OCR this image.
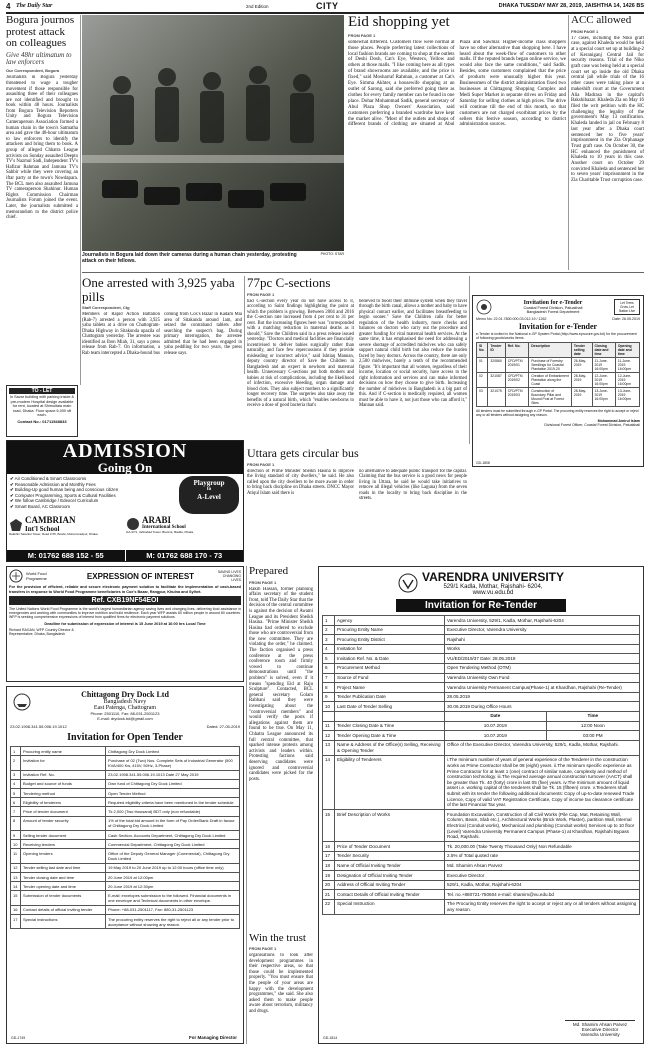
4 The Daily Star	2nd Edition	CITY	DHAKA TUESDAY MAY 28, 2019, JAISHTHA 14, 1426 BS
Bogura journos protest attack on colleagues
Give 48hr ultimatum to law enforcers
Our Correspondent, Bogura
Journalists in Bogura yesterday threatened to wage a tougher movement if those responsible for assaulting three of their colleagues are not identified and brought to book within 48 hours. Journalists from Bogura Television Reporters Unity and Bogura Television Cameraperson Association formed a human chain in the town's Satmatha area and gave the 48-hour ultimatum to law enforcers to identify the attackers and bring them to book. A group of alleged Chhatra League activists on Sunday assaulted Deepto TV's Nazmul Sadi, Independent TV's Hafizur Rahman and Jamuna TV's Sabbir while they were covering an iftar party at the town's Nowdapara. The BCL men also assaulted Jamuna TV cameraperson Shahinur. Human Rights Commission Chairman Journalists Forum joined the event. Later, the journalists submitted a memorandum to the district police chief.
TO - LET
In Savar building with parking inside & pre-modern Hospital design available for rent, located at Shimultala main road, Dhaka. Floor space 6,000 sft each.
Contact No.: 01711548833
Journalists in Bogura laid down their cameras during a human chain yesterday, protesting attack on their fellows.
PHOTO: STAR
Eid shopping yet
FROM PAGE 1
somewhat different. Customers flow were normal at those places. People preferring latest collections of local fashion brands are coming to shop at the outlets of Deshi Dosh, Cat's Eye, Westecs, Yellow and others at those malls. "I like coming here as all types of brand showrooms are available, and the price is fixed," said Mosharraf Rahman, a customer at Cat's Eye. Simma Akhter, a housewife shopping at an outlet of Sarong, said she preferred going there as clothes for every family member can be found in one place. Dohar Mohammad Sadik, general secretary of Abul Plaza Shop Owners' Association, said customers preferring a branded wardrobe have kept the market alive. "Most of the outlets and shops of different brands of clothing are situated at Abul Plaza and Sawmar. Higher-income class shoppers have no other alternative than shopping here. I have heard about the week-flow of customers to other malls. If the reputed brands began online service, we would also face the same conditions," said Sadik. Besides, some customers complained that the price of products were unusually higher this year. Businessmen of the district administration fixed two businesses at Chittagong Shopping Complex and Medi Super Market in separate drives on Friday and Saturday for selling clothes at high prices. The drive will continue till the end of this month, so that customers are not charged exorbitant prices by the sellers this festive season, according to district administration sources.
ACC allowed
FROM PAGE 1
17 cases, including the Niko graft case, against Khaleda would be held at a special court set up at building-2 of Keraniganj Central Jail for security reasons. Trial of the Niko graft case was being held at a special court set up inside the old Dhaka central jail while trials of the 16 other cases were taking place at a makeshift court at the Government Alia Madrasa in the capital's Bakshibazar. Khaleda Zia on May 16 filed the writ petition with the HC challenging the legality of the government's May 13 notification. Khaleda landed in jail on February 8 last year after a Dhaka court sentenced her to five years' imprisonment in the Zia Orphanage Trust graft case. On October 30, the HC enhanced the punishment of Khaleda to 10 years in this case. Another court on October 29 convicted Khaleda and sentenced her to seven years' imprisonment in the Zia Charitable Trust corruption case.
One arrested with 3,925 yaba pills
Staff Correspondent, Ctg
Members of Rapid Action Battalion (Rab-7) arrested a person with 3,925 yaba tablets at a drive on Chattogram-Dhaka Highway in Sitakunda upazila of Chattogram yesterday. The arrestee was identified as Ibon Miah, 31, says a press release from Rab-7. On information, a Rab team intercepted a Dhaka-bound bus coming from Cox's Bazar in Kadam Mia area of Sitakunda around 1am, and seized the contraband tablets after searching the suspect's bag. During primary interrogation, the arrestee admitted that he had been engaged in yaba peddling for two years, the press release says.
77pc C-sections
FROM PAGE 1
had C-section every year do not have access to it, according to Saint findings highlighting the point at which the problem is growing. Between 2004 and 2016 the C-section rate increased from 4 per cent to 31 per cent. But the increasing figures here was "corresponded with a matching reduction in maternal deaths as it should," Save the Children said in a press release issued yesterday. "Doctors and medical facilities are financially incentivised to deliver babies surgically rather than naturally, and face few repercussions if they provide misleading or incorrect advice," said Ishtiaq Mannan, deputy country director of Save the Children in Bangladesh and an expert in newborn and maternal health. Unnecessary C-sections put both mothers and babies at risk of complications, including the likelihood of infection, excessive bleeding, organ damage and blood clots. They also subject mothers to a significantly longer recovery time. The surgeries also take away the benefits of a natural birth, which "enables newborns to receive a dose of good bacteria that's
believed to boost their immune system when they travel through the birth canal, allows a mother and baby to have physical contact earlier, and facilitates breastfeeding to begin sooner." Save the Children calls for better regulation of the health industry, more checks and balances on doctors who carry out the procedure and greater funding for vital maternal health services. At the same time, it has emphasised the need for addressing a severe shortage of accredited midwives who can safely support natural child birth but also reduce the burden faced by busy doctors. Across the country, there are only 2,500 midwives, barely a tenth of the recommended figure. "It's important that all women, regardless of their income, location or social security, have access to the right information and services and can make informed decisions on how they choose to give birth. Increasing the number of midwives in Bangladesh is a big part of this. And if C-section is medically required, all women must be able to have it, not just those who can afford it," Mannan said.
Invitation for e-Tender
Coastal Forest Division, Patuakhali
Bangladesh Forest Department
Let Trees Grow, Let Nation Live
Memo No: 22.01.7800.000.03.012.19 / 1262	Date: 26.05.2019
Invitation for e-Tender
e-Tender is invited in the National e-GP System Portal (http://www.eprocure.gov.bd) for the procurement of following goods/works items.
Sl No.	Tender ID	Ref. No.	Description	Tender selling date	Closing date and time	Opening date and time
01	320860	CFD/PTK/ 2019/01	Purchase of Forestry Seedlings for Coastal Plantation 2019-20	26-May-2019	11-June-2019 16:00pm	11-June-2019 16:00pm
02	321087	CFD/PTK/ 2019/02	Creation of Embankment Plantation along the Coast	28-May-2019	12-June-2019 16:00pm	12-June-2019 16:00pm
03	321075	CFD/PTK/ 2019/03	Construction of Boundary Pillar and Mound Post at Forest Sites	28-May-2019	13-June-2019 16:00pm	13-June-2019 16:00pm
All tenders must be submitted through e-GP Portal. The procuring entity reserves the right to accept or reject any or all tenders without assigning any reason.
Mohammad Amirul Islam
Divisional Forest Officer, Coastal Forest Division, Patuakhali
GD-1808
ADMISSION
Going On
✔ Air Conditioned & Smart Classrooms
✔ Reasonable Admission and Monthly Fees
✔ Building-Up good human being and conscious citizen
✔ Computer Programming, Sports & Cultural Facilities
✔ We follow Cambridge / Edexcel Curriculum
✔ Smart Board, AC Classroom
Playgroup
to
A-Level
CAMBRIAN
Int'l School
Dakkhin Satarkul Tower, Road # 05, Bosila, Mohammadpur, Dhaka
ARABI
International School
GA-37/1, Jahirabad Tower, Block E, Badda, Dhaka
M: 01762 688 152 - 55	M: 01762 688 170 - 73
Uttara gets circular bus
FROM PAGE 1
direction of Prime Minister Sheikh Hasina to improve the living standard of city dwellers," he said. He also called upon the city dwellers to be more aware in order to bring back discipline on Dhaka streets. DNCC Mayor Atiqul Islam said there is
no alternative to adequate public transport for the capital. Claiming that the bus service is a good news for people living in Uttara, he said he would take initiatives to remove all illegal vehicles (like Laguna) from the seven roads in the locality to bring back discipline in the streets.
World Food Programme	EXPRESSION OF INTEREST	SAVING LIVES CHANGING LIVES
For the provision of efficient, reliable and secure electronic payment solution to facilitate the implementation of cash-based transfers in response to World Food Programme beneficiaries in Cox's Bazar, Rangpur, Khulna and Sylhet.
Ref. CXB19NF54EOI
The United Nations World Food Programme is the world's largest humanitarian agency saving lives and changing lives, delivering food assistance in emergencies and working with communities to improve nutrition and build resilience. Each year WFP assists 80 million people in around 80 countries. WFP is seeking comprehensive expressions of interest from qualified firms for electronic payment solutions.
Deadline for submission of expression of interest is 15 June 2019 at 16:00 hrs Local Time
Richard RAGAN, WFP Country Director & Representative, Dhaka, Bangladesh
Chittagong Dry Dock Ltd
Bangladesh Navy
East Patenga, Chattogram
Phone: 2501110, Fax: 88-031-2501123
E-mail: drydock.bd@gmail.com
23.02.1908.341.55.006.19.1012	Dated: 27-05-2019
Invitation for Open Tender
1	Procuring entity name	Chittagong Dry Dock Limited
2	Invitation for	Purchase of 02 (Two) Nos. Complete Sets of Industrial Generator (500 KVA/400 Kw, 415V, 50Hz, 3-Phase)
3	Invitation Ref. No.	23.02.1908.341.55.006.19.1013 Date 27 May 2019
4	Budget and source of funds	Own fund of Chittagong Dry Dock Limited
5	Tendering method	Open Tender Method
6	Eligibility of tenderers	Required eligibility criteria have been mentioned in the tender schedule
7	Price of tender document	Tk 2,000 (Two thousand) BDT only (non refundable)
8	Amount of tender security	1% of the total bid amount in the form of Pay Order/Bank Draft in favour of Chittagong Dry Dock Limited
9	Selling tender document	Cash Section, Accounts Department, Chittagong Dry Dock Limited
10	Receiving tenders	Commercial Department, Chittagong Dry Dock Limited
11	Opening tenders	Office of the Deputy General Manager (Commercial), Chittagong Dry Dock Limited
12	Tender selling last date and time	19 May 2019 to 20 June 2019 up to 12:00 hours (office time only)
13	Tender closing date and time	20 June 2019 at 12:00pm
14	Tender opening date and time	20 June 2019 at 12:30pm
15	Submission of tender documents	E-mail: envelopes submission to the followed. Financial documents in one envelope and Technical documents in other envelope.
16	Contact details of official inviting tender	Phone: +88-031-2501117, Fax: 880-31-2501123
17	Special instructions	The procuring entity reserves the right to reject all or any tender prior to acceptance without showing any reason.
For Managing Director
GD-1749
Prepared
FROM PAGE 1
Rakib Hassan, former planning affairs secretary of the student front, told The Daily Star that the decision of the central committee is against the decision of Awami League and its President Sheikh Hasina. "Prime Minister Sheikh Hasina had ordered to exclude those who are controversial from the new committee. They are violating the order," he claimed. The faction organised a press conference at the press conference room and firmly vowed to continue demonstrations until "the problem" is solved, even if it means "spending Eid at Raju Sculpture". Contacted, BCL general secretary Golam Rabbani said they were investigating about the "controversial members" and would verify the posts if allegations against them are found to be true. On May 11, Chhatra League announced its full central committee, that sparked intense protests among activists and leaders within. Protesting factions said deserving candidates were ignored and controversial candidates were picked for the posts.
Win the trust
FROM PAGE 1
organisations to look after development programmes in their respective areas, so that those could be implemented properly. "You must ensure that the people of your areas are happy with the development programmes," she said. She also asked them to make people aware about terrorism, militancy and drugs.
VARENDRA UNIVERSITY
529/1 Kadla, Mothar, Rajshahi- 6204,
www.vu.edu.bd
Invitation for Re-Tender
1	Agency	Varendra University, 529/1, Kadla, Mothar, Rajshahi-6204	
2	Procuring Entity Name	Executive Director, Varendra University	
3	Procuring Entity District	Rajshahi	
4	Invitation for	Works	
5	Invitation Ref. No. & Date	VU/ED/2019/37 Date: 28.05.2019	
6	Procurement Method	Open Tendering Method (OTM)	
7	Source of Fund	Varendra University Own Fund	
8	Project Name	Varendra University Permanent Campus(Phase-1) at Khardhan, Rajshahi (Re-Tender)	
9	Tender Publication Date	28.05.2019	
10	Last Date of Tender Selling	30.06.2019 During Office Hours	
		Date	Time
11	Tender Closing Date & Time	10.07.2019	12:00 Noon
12	Tender Opening Date & Time	10.07.2019	03:00 PM
13	Name & Address of the Office(s) Selling, Receiving & Opening Tender	Office of the Executive Director, Varendra University, 529/1, Kadla, Mothar, Rajshahi.	
14	Eligibility of Tenderers	i.The minimum number of years of general experience of the Tenderer in the construction works as Prime Contractor shall be 08 (eight) years. ii.The minimum specific experience as Prime Contractor for at least 1 (one) contract of similar nature, complexity and method of construction technology. iii.The required average annual construction turnover (AACT) shall be greater than Tk. 40 (forty) crore in last 05 (five) years. iv.The minimum amount of liquid asset i.e. working capital of the tenderers shall be Tk. 15 (fifteen) crore. v.Tenderers shall submit with its tender the following additional documents: Copy of up-to-date renewed Trade Licence, Copy of valid VAT Registration Certificate, Copy of income tax clearance certificate of the last Financial Tax year.	
15	Brief Description of Works	Foundation Excavation, Construction of all Civil Works (Pile Cap, Mat, Retaining Wall, Column, Beam, Slab etc.), Architectural Works (Brick Work, Plaster), partition Wall, Internal Electrical (Conduit works), Mechanical and plumbing (Conduit works) Services up to 10 floor (Level) Varendra University Permanent Campus (Phase-1) at Khardhan, Rajshahi Bypass Road, Rajshahi.	
16	Price of Tender Document	Tk. 20,000.00 (Take Twenty Thousand Only) Non Refundable	
17	Tender Security	2.5% of Total quoted rate	
18	Name of Official Inviting Tender	Md. Shamim Ahsan Parvez	
19	Designation of Official Inviting Tender	Executive Director	
20	Address of Official Inviting Tender	529/1, Kadla, Mothar, Rajshahi-6204	
21	Contact Details of Official Inviting Tender	Tel. no.+880721-750604 e-mail: shamim@vu.edu.bd	
22	Special Instruction	The Procuring Entity reserves the right to accept or reject any or all tenders without assigning any reason.	
Md. Shamim Ahsan Parvez
Executive Director
Varendra University
GD-1814
